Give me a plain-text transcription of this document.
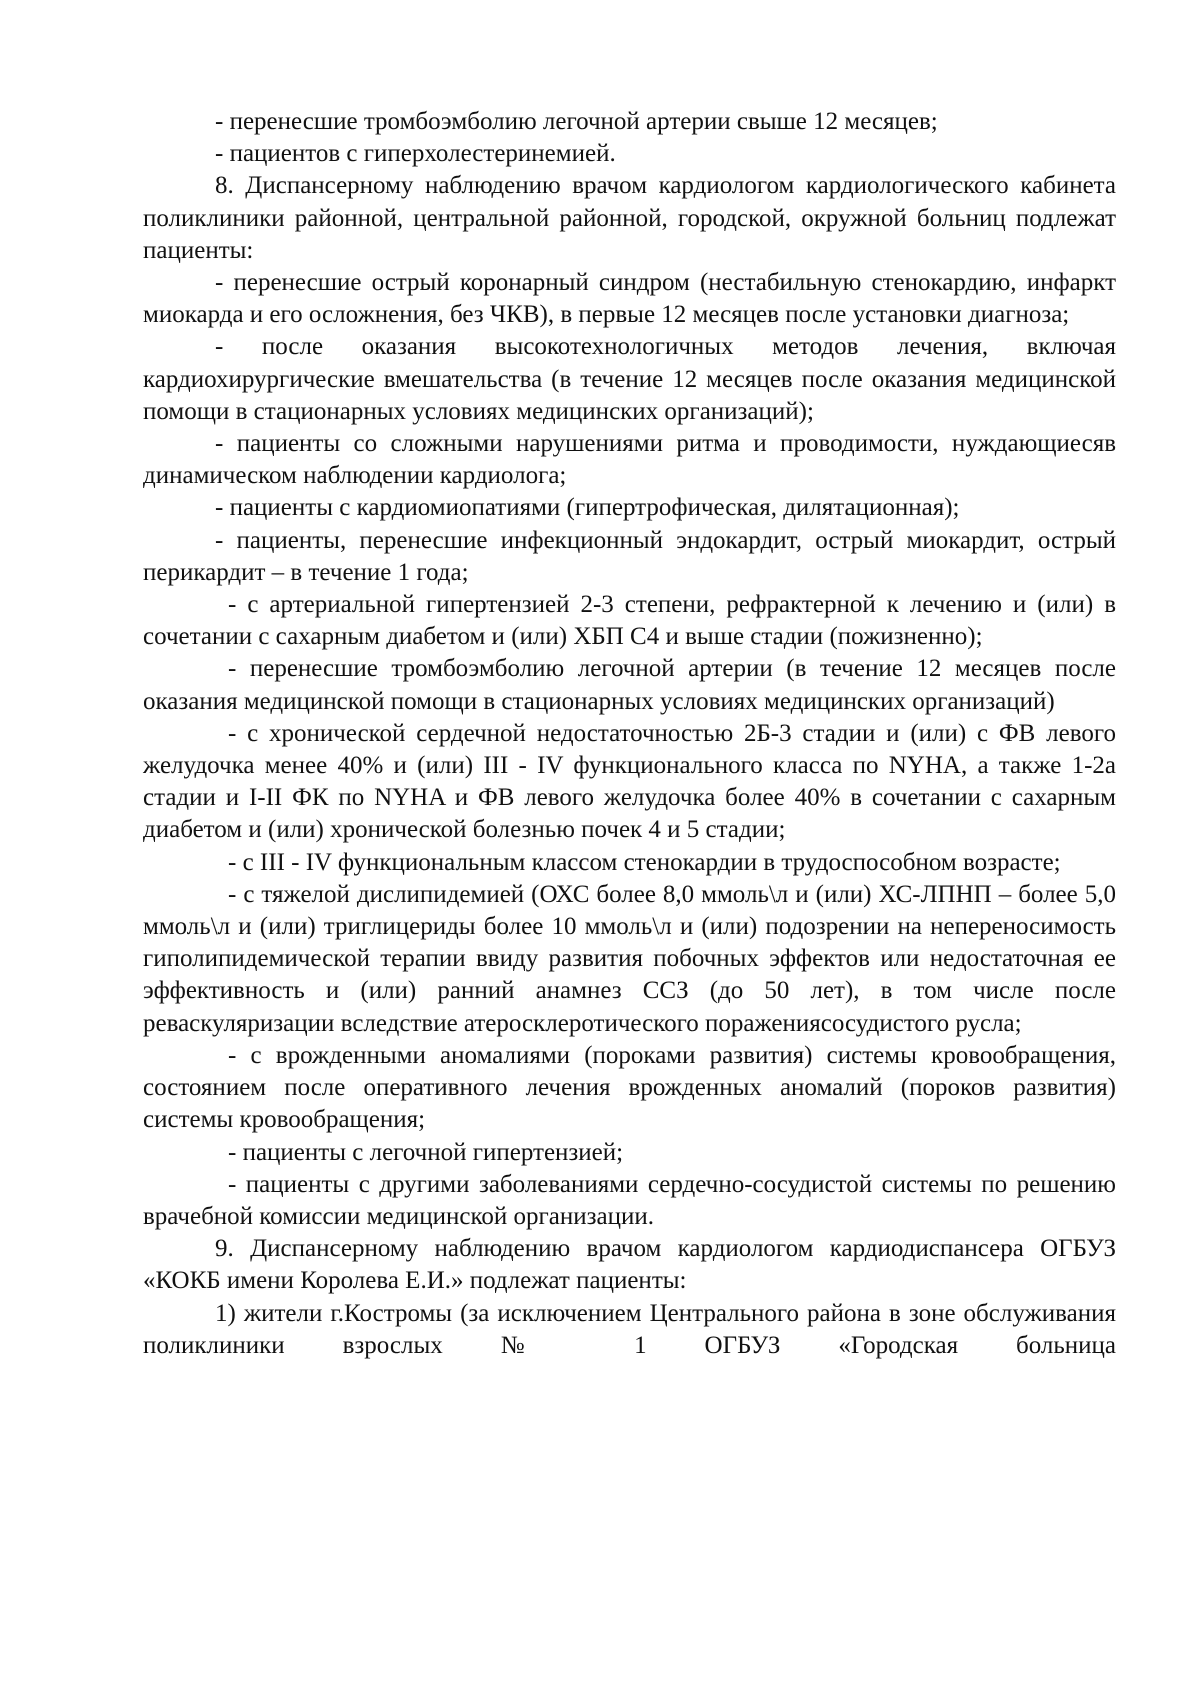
- перенесшие тромбоэмболию легочной артерии свыше 12 месяцев;

- пациентов с гиперхолестеринемией.

8. Диспансерному наблюдению врачом кардиологом кардиологического кабинета поликлиники районной, центральной районной, городской, окружной больниц подлежат пациенты:

- перенесшие острый коронарный синдром (нестабильную стенокардию, инфаркт миокарда и его осложнения, без ЧКВ), в первые 12 месяцев после установки диагноза;

- после оказания высокотехнологичных методов лечения, включая кардиохирургические вмешательства (в течение 12 месяцев после оказания медицинской помощи в стационарных условиях медицинских организаций);

- пациенты со сложными нарушениями ритма и проводимости, нуждающиесяв динамическом наблюдении кардиолога;

- пациенты с кардиомиопатиями (гипертрофическая, дилятационная);

- пациенты, перенесшие инфекционный эндокардит, острый миокардит, острый перикардит – в течение 1 года;

- с артериальной гипертензией 2-3 степени, рефрактерной к лечению и (или) в сочетании с сахарным диабетом и (или) ХБП С4 и выше стадии (пожизненно);

- перенесшие тромбоэмболию легочной артерии (в течение 12 месяцев после оказания медицинской помощи в стационарных условиях медицинских организаций)

- с хронической сердечной недостаточностью 2Б-3 стадии и (или) с ФВ левого желудочка менее 40% и (или) III - IV функционального класса по NYHA, а также 1-2а стадии и I-II ФК по NYHA и ФВ левого желудочка более 40% в сочетании с сахарным диабетом и (или) хронической болезнью почек 4 и 5 стадии;

- с III - IV функциональным классом стенокардии в трудоспособном возрасте;

- с тяжелой дислипидемией (ОХС более 8,0 ммоль\л и (или) ХС-ЛПНП – более 5,0 ммоль\л и (или) триглицериды более 10 ммоль\л и (или) подозрении на непереносимость гиполипидемической терапии ввиду развития побочных эффектов или недостаточная ее эффективность и (или) ранний анамнез ССЗ (до 50 лет), в том числе после реваскуляризации вследствие атеросклеротического пораженияcосудистого русла;

- с врожденными аномалиями (пороками развития) системы кровообращения, состоянием после оперативного лечения врожденных аномалий (пороков развития) системы кровообращения;

- пациенты с легочной гипертензией;

- пациенты с другими заболеваниями сердечно-сосудистой системы по решению врачебной комиссии медицинской организации.

9. Диспансерному наблюдению врачом кардиологом кардиодиспансера ОГБУЗ «КОКБ имени Королева Е.И.» подлежат пациенты:

1) жители г.Костромы (за исключением Центрального района в зоне обслуживания поликлиники взрослых № 1 ОГБУЗ «Городская больница
